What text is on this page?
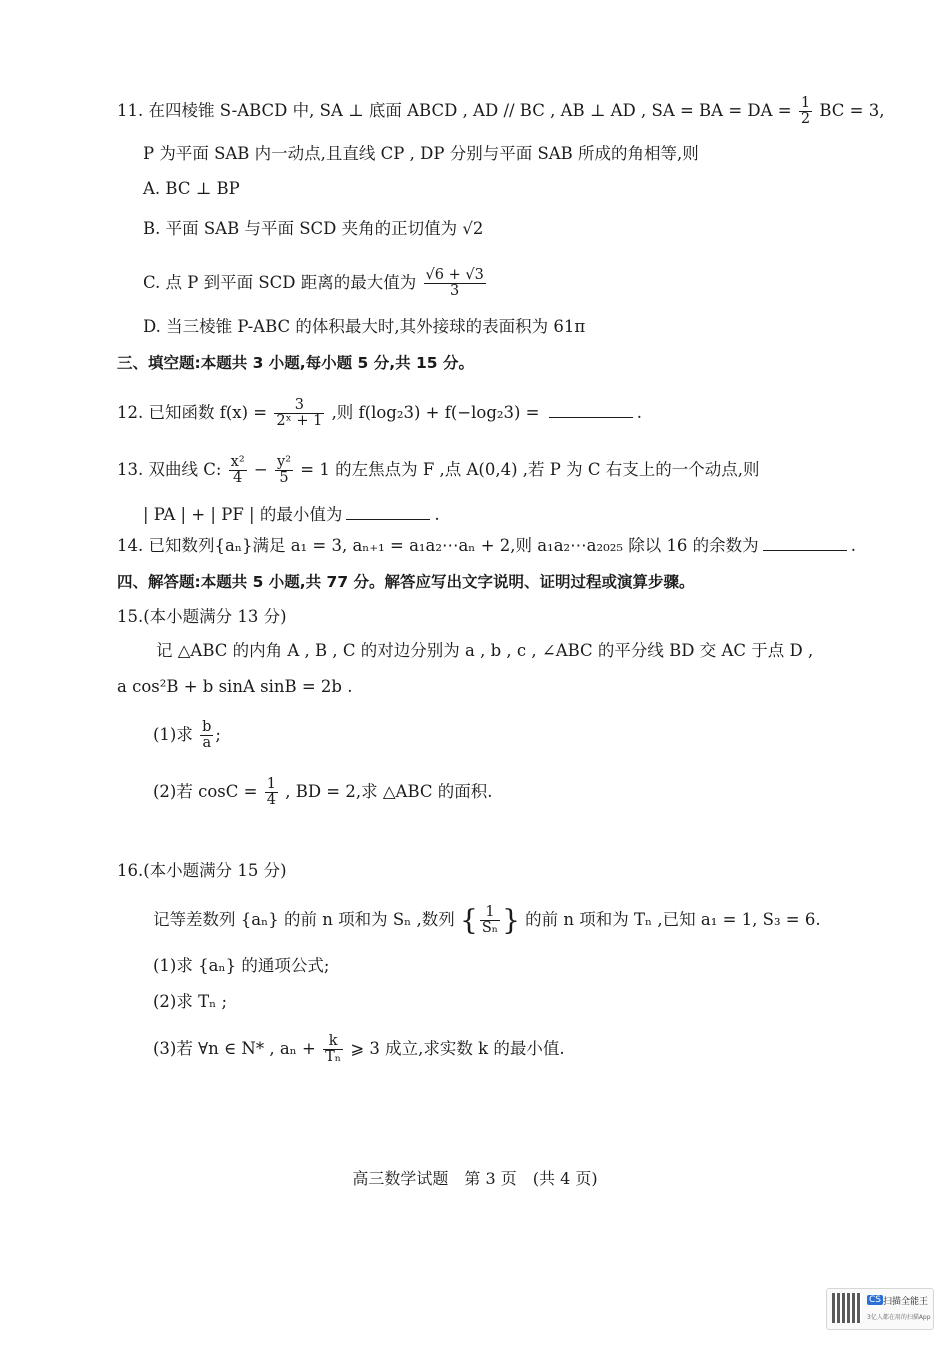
11. 在四棱锥 S-ABCD 中, SA ⊥ 底面 ABCD , AD // BC , AB ⊥ AD , SA = BA = DA = $\frac{1}{2}$ BC = 3,
P 为平面 SAB 内一动点,且直线 CP , DP 分别与平面 SAB 所成的角相等,则
A. BC ⊥ BP
B. 平面 SAB 与平面 SCD 夹角的正切值为 √2
C. 点 P 到平面 SCD 距离的最大值为 $\frac{√6 + √3}{3}$
D. 当三棱锥 P-ABC 的体积最大时,其外接球的表面积为 61π
三、填空题:本题共 3 小题,每小题 5 分,共 15 分。
12. 已知函数 $f(x) = \frac{3}{\text{2ˣ + 1}}$ ,则 f(log₂3) + f(−log₂3) =	.
13. 双曲线 C: $\frac{\text{x²}}{4} - \frac{\text{y²}}{5} = 1$ 的左焦点为 F ,点 A(0,4) ,若 P 为 C 右支上的一个动点,则
| PA | + | PF | 的最小值为	.
14. 已知数列{aₙ}满足 a₁ = 3, aₙ₊₁ = a₁a₂⋯aₙ + 2,则 a₁a₂⋯a₂₀₂₅ 除以 16 的余数为	.
四、解答题:本题共 5 小题,共 77 分。解答应写出文字说明、证明过程或演算步骤。
15.(本小题满分 13 分)
记 △ABC 的内角 A , B , C 的对边分别为 a , b , c , ∠ABC 的平分线 BD 交 AC 于点 D ,
a cos²B + b sinA sinB = 2b .
(1)求 $\frac{b}{a}$ ;
(2)若 $\cos C = \frac{1}{4}$ , BD = 2,求 △ABC 的面积.
16.(本小题满分 15 分)
记等差数列 {aₙ} 的前 n 项和为 Sₙ ,数列 { $\frac{1}{\text{Sₙ}}$ } 的前 n 项和为 Tₙ ,已知 a₁ = 1, S₃ = 6.
(1)求 {aₙ} 的通项公式;
(2)求 Tₙ ;
(3)若 ∀n ∈ N* , $a_n + \frac{k}{\text{Tₙ}}$ ⩾ 3 成立,求实数 k 的最小值.
高三数学试题　第 3 页　(共 4 页)
CS 扫描全能王
3亿人都在用的扫描App
